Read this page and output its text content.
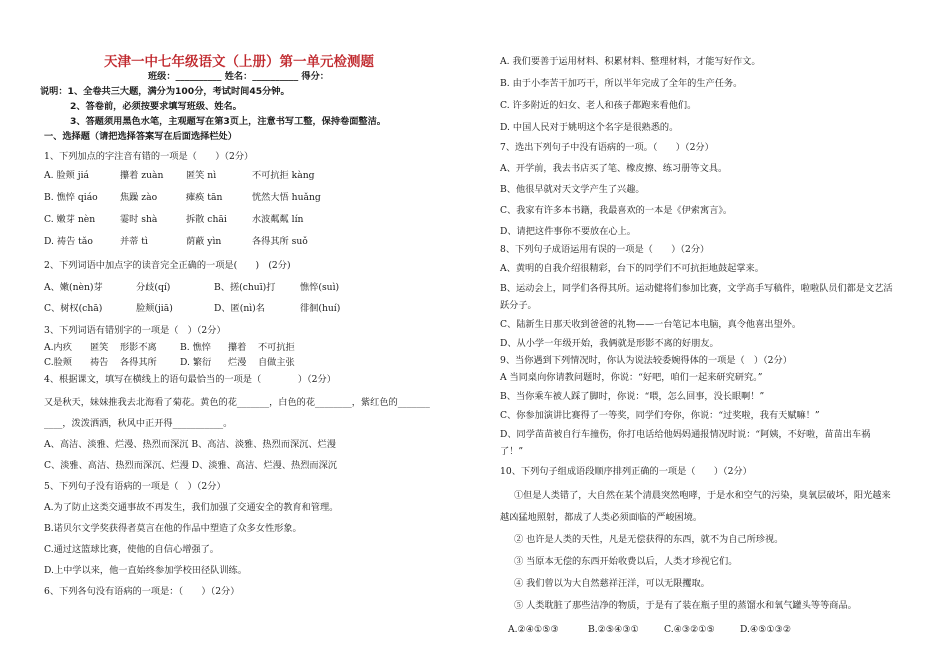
天津一中七年级语文（上册）第一单元检测题
班级：__________ 姓名：__________ 得分：
说明：1、全卷共三大题，满分为100分，考试时间45分钟。
2、答卷前，必须按要求填写班级、姓名。
3、答题须用黑色水笔，主观题写在第3页上，注意书写工整，保持卷面整洁。
一、选择题（请把选择答案写在后面选择栏处）
1、下列加点的字注音有错的一项是（　　）（2分）
A. 脸颊 jiá	攥着 zuàn 匿笑 nì	不可抗拒 kàng
B. 憔悴 qiáo 焦躁 zào	瘫痪 tān	恍然大悟 huǎng
C. 嫩芽 nèn	霎时 shà	拆散 chāi	水波粼粼 lín
D. 祷告 tǎo	并蒂 tì	荫蔽 yìn	各得其所 suǒ
2、下列词语中加点字的读音完全正确的一项是(　　)　(2分)
A、嫩(nèn)芽	分歧(qí)	B、搓(chuī)打	憔悴(suì)
C、树权(chā)	脸颊(jiā)	D、匿(nì)名	徘徊(huí)
3、下列词语有错别字的一项是（　）（2分）
A.内疚 匿笑 形影不离	B. 憔悴 攥着 不可抗拒
C.脸颊 祷告 各得其所	D. 繁衍 烂漫 自做主张
4、根据课文，填写在横线上的语句最恰当的一项是（　　　　）（2分）
又是秋天，妹妹推我去北海看了菊花。黄色的花_______，白色的花________，紫红色的_______
____，泼泼洒洒，秋风中正开得___________。
A、高洁、淡雅、烂漫、热烈而深沉 B、高洁、淡雅、热烈而深沉、烂漫
C、淡雅、高洁、热烈而深沉、烂漫 D、淡雅、高洁、烂漫、热烈而深沉
5、下列句子没有语病的一项是（　）（2分）
A.为了防止这类交通事故不再发生，我们加强了交通安全的教育和管理。
B.诺贝尔文学奖获得者莫言在他的作品中塑造了众多女性形象。
C.通过这篮球比赛，使他的自信心增强了。
D.上中学以来，他一直始终参加学校田径队训练。
6、下列各句没有语病的一项是：（　　）（2分）
A. 我们要善于运用材料、积累材料、整理材料，才能写好作文。
B. 由于小李苦干加巧干，所以半年完成了全年的生产任务。
C. 许多附近的妇女、老人和孩子都跑来看他们。
D. 中国人民对于姚明这个名字是很熟悉的。
7、选出下列句子中没有语病的一项。（　　）（2分）
A、开学前，我去书店买了笔、橡皮擦、练习册等文具。
B、他很早就对天文学产生了兴趣。
C、我家有许多本书籍，我最喜欢的一本是《伊索寓言》。
D、请把这件事你不要放在心上。
8、下列句子成语运用有误的一项是（　　）（2分）
A、黄明的自我介绍很精彩，台下的同学们不可抗拒地鼓起掌来。
B、运动会上，同学们各得其所。运动健将们参加比赛，文学高手写稿件，啦啦队员们都是文艺活
跃分子。
C、陆新生日那天收到爸爸的礼物——一台笔记本电脑，真令他喜出望外。
D、从小学一年级开始，我俩就是形影不离的好朋友。
9、当你遇到下列情况时，你认为说法较委婉得体的一项是（　）（2分）
A 当同桌向你请教问题时，你说：“好吧，咱们一起来研究研究。”
B、当你乘车被人踩了脚时，你说：“喂，怎么回事，没长眼啊！”
C、你参加演讲比赛得了一等奖，同学们夸你，你说：“过奖啦，我有天赋嘛！”
D、同学苗苗被自行车撞伤，你打电话给他妈妈通报情况时说：“阿姨，不好啦，苗苗出车祸
了！”
10、下列句子组成语段顺序排列正确的一项是（　　）（2分）
①但是人类错了，大自然在某个清晨突然咆哮，于是水和空气的污染，臭氧层破坏，阳光越来
越凶猛地照射，都成了人类必须面临的严峻困境。
② 也许是人类的天性，凡是无偿获得的东西，就不为自己所珍视。
③ 当原本无偿的东西开始收费以后，人类才珍视它们。
④ 我们曾以为大自然慈祥汪洋，可以无限攫取。
⑤ 人类耽脏了那些洁净的物质，于是有了装在瓶子里的蒸馏水和氧气罐头等等商品。
A.②④①⑤③	B.②⑤④③①	C.④③②①⑤	D.④⑤①③②
